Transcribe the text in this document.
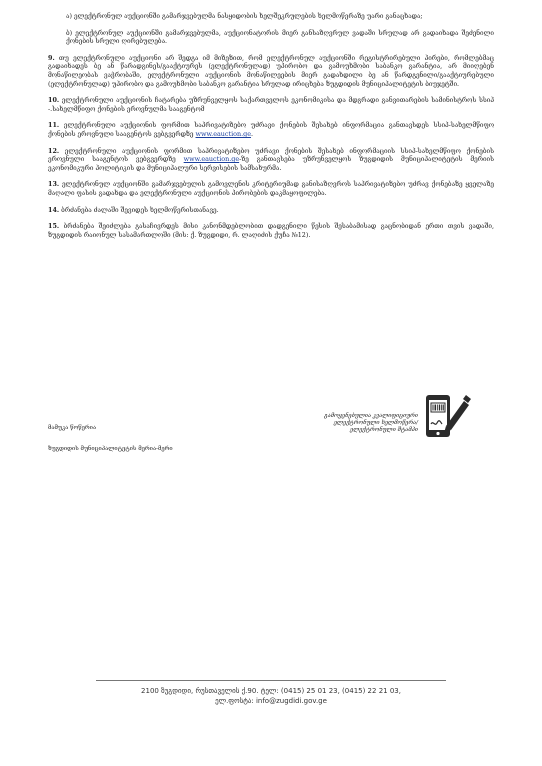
ა) ელექტრონულ აუქციონში გამარჯვებულმა ნასყიდობის ხელშეკრულების ხელმოწერაზე უარი განაცხადა;

ბ) ელექტრონულ აუქციონში გამარჯვებულმა, აუქციონატორის მიერ განსაზღვრულ ვადაში სრულად არ გადაიხადა შეძენილი ქონების სრული ღირებულება.

9. თუ ელექტრონული აუქციონი არ შედგა იმ მიზეზით, რომ ელექტრონულ აუქციონში რეგისტრირებული პირები, რომლებმაც გადაიხადეს ბე ან წარადგინეს/გააქტიურეს (ელექტრონულად) უპირობო და გამოუხმობი საბანკო გარანტია, არ მიიღებენ მონაწილეობას ვაჭრობაში, ელექტრონული აუქციონის მონაწილეების მიერ გადახდილი ბე ან წარდგენილი/გააქტიურებული (ელექტრონულად) უპირობო და გამოუხმობი საბანკო გარანტია სრულად ირიცხება ზუგდიდის მუნიციპალიტეტის ბიუჯეტში.

10. ელექტრონული აუქციონის ჩატარება უზრუნველყოს საქართველოს ეკონომიკისა და მდგრადი განვითარების სამინისტროს სსიპ -.სახელმწიფო ქონების ეროვნულმა სააგენტომ

11. ელექტრონული აუქციონის ფორმით საპრივატიზებო უძრავი ქონების შესახებ ინფორმაცია განთავსდეს სსიპ-სახელმწიფო ქონების ეროვნული სააგენტოს ვებგვერდზე www.eauction.ge.

12. ელექტრონული აუქციონის ფორმით საპრივატიზებო უძრავი ქონების შესახებ ინფორმაციის სსიპ-სახელმწიფო ქონების ეროვნული სააგენტოს ვებგვერდზე www.eauction.ge-ზე განთავსება უზრუნველყოს ზუგდიდის მუნიციპალიტეტის მერიის ეკონომიკური პოლიტიკის და მუნიციპალური სერვისების სამსახურმა.

13. ელექტრონულ აუქციონში გამარჯვებულის გამოვლენის კრიტერიუმად განისაზღვროს საპრივატიზებო უძრავ ქონებაზე ყველაზე მაღალი ფასის გადახდა და ელექტრონული აუქციონის პირობების დაკმაყოფილება.

14. ბრძანება ძალაში შევიდეს ხელმოწერისთანავე.

15. ბრძანება შეიძლება გასაჩივრდეს მისი კანონმდებლობით დადგენილი წესის შესაბამისად გაცნობიდან ერთი თვის ვადაში, ზუგდიდის რაიონულ სასამართლოში (მის: ქ. ზუგდიდი, რ. ლაღიძის ქუჩა №12).

მამუკა წოწერია
ზუგდიდის მუნიციპალიტეტის მერია-მერი
გამოყენებულია კვალიფიციური ელექტრონული ხელმოწერა/ ელექტრონული შტამპი
2100 ზუგდიდი, რუსთაველის ქ.90. ტელ: (0415) 25 01 23, (0415) 22 21 03,
ელ.ფოსტა: info@zugdidi.gov.ge
